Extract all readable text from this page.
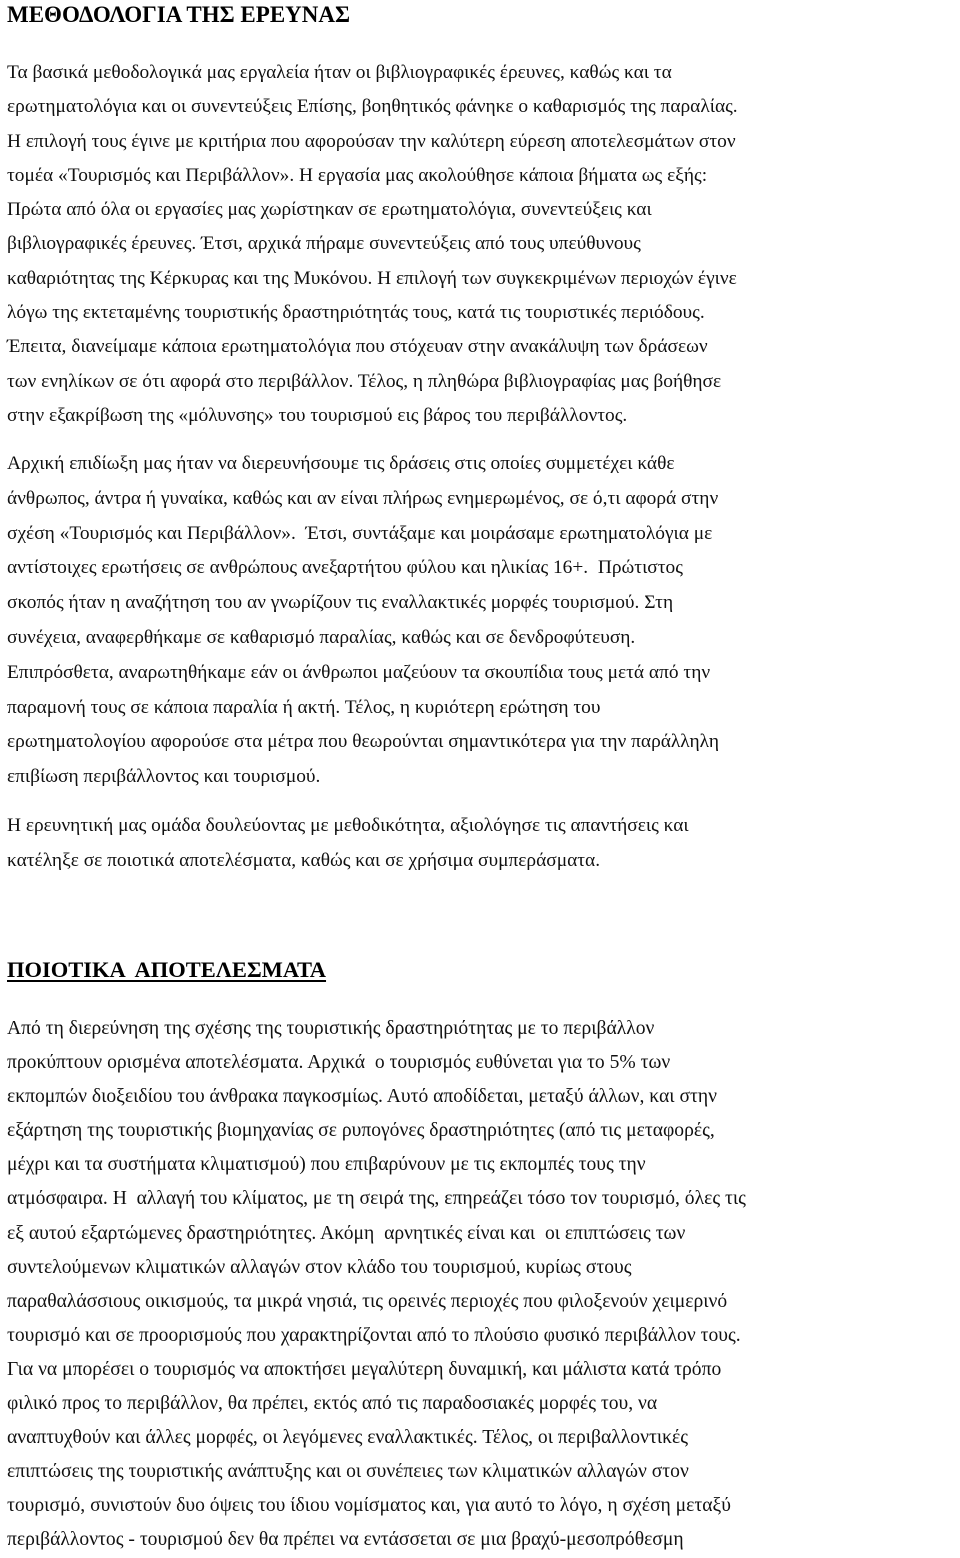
ΜΕΘΟΔΟΛΟΓΙΑ ΤΗΣ ΕΡΕΥΝΑΣ
Τα βασικά μεθοδολογικά μας εργαλεία ήταν οι βιβλιογραφικές έρευνες, καθώς και τα
ερωτηματολόγια και οι συνεντεύξεις Επίσης, βοηθητικός φάνηκε ο καθαρισμός της παραλίας.
Η επιλογή τους έγινε με κριτήρια που αφορούσαν την καλύτερη εύρεση αποτελεσμάτων στον
τομέα «Τουρισμός και Περιβάλλον». Η εργασία μας ακολούθησε κάποια βήματα ως εξής:
Πρώτα από όλα οι εργασίες μας χωρίστηκαν σε ερωτηματολόγια, συνεντεύξεις και
βιβλιογραφικές έρευνες. Έτσι, αρχικά πήραμε συνεντεύξεις από τους υπεύθυνους
καθαριότητας της Κέρκυρας και της Μυκόνου. Η επιλογή των συγκεκριμένων περιοχών έγινε
λόγω της εκτεταμένης τουριστικής δραστηριότητάς τους, κατά τις τουριστικές περιόδους.
Έπειτα, διανείμαμε κάποια ερωτηματολόγια που στόχευαν στην ανακάλυψη των δράσεων
των ενηλίκων σε ότι αφορά στο περιβάλλον. Τέλος, η πληθώρα βιβλιογραφίας μας βοήθησε
στην εξακρίβωση της «μόλυνσης» του τουρισμού εις βάρος του περιβάλλοντος.
Αρχική επιδίωξη μας ήταν να διερευνήσουμε τις δράσεις στις οποίες συμμετέχει κάθε
άνθρωπος, άντρα ή γυναίκα, καθώς και αν είναι πλήρως ενημερωμένος, σε ό,τι αφορά στην
σχέση «Τουρισμός και Περιβάλλον».  Έτσι, συντάξαμε και μοιράσαμε ερωτηματολόγια με
αντίστοιχες ερωτήσεις σε ανθρώπους ανεξαρτήτου φύλου και ηλικίας 16+.  Πρώτιστος
σκοπός ήταν η αναζήτηση του αν γνωρίζουν τις εναλλακτικές μορφές τουρισμού. Στη
συνέχεια, αναφερθήκαμε σε καθαρισμό παραλίας, καθώς και σε δενδροφύτευση.
Επιπρόσθετα, αναρωτηθήκαμε εάν οι άνθρωποι μαζεύουν τα σκουπίδια τους μετά από την
παραμονή τους σε κάποια παραλία ή ακτή. Τέλος, η κυριότερη ερώτηση του
ερωτηματολογίου αφορούσε στα μέτρα που θεωρούνται σημαντικότερα για την παράλληλη
επιβίωση περιβάλλοντος και τουρισμού.
Η ερευνητική μας ομάδα δουλεύοντας με μεθοδικότητα, αξιολόγησε τις απαντήσεις και
κατέληξε σε ποιοτικά αποτελέσματα, καθώς και σε χρήσιμα συμπεράσματα.
ΠΟΙΟΤΙΚΑ  ΑΠΟΤΕΛΕΣΜΑΤΑ
Από τη διερεύνηση της σχέσης της τουριστικής δραστηριότητας με το περιβάλλον
προκύπτουν ορισμένα αποτελέσματα. Αρχικά  ο τουρισμός ευθύνεται για το 5% των
εκπομπών διοξειδίου του άνθρακα παγκοσμίως. Αυτό αποδίδεται, μεταξύ άλλων, και στην
εξάρτηση της τουριστικής βιομηχανίας σε ρυπογόνες δραστηριότητες (από τις μεταφορές,
μέχρι και τα συστήματα κλιματισμού) που επιβαρύνουν με τις εκπομπές τους την
ατμόσφαιρα. Η  αλλαγή του κλίματος, με τη σειρά της, επηρεάζει τόσο τον τουρισμό, όλες τις
εξ αυτού εξαρτώμενες δραστηριότητες. Ακόμη  αρνητικές είναι και  οι επιπτώσεις των
συντελούμενων κλιματικών αλλαγών στον κλάδο του τουρισμού, κυρίως στους
παραθαλάσσιους οικισμούς, τα μικρά νησιά, τις ορεινές περιοχές που φιλοξενούν χειμερινό
τουρισμό και σε προορισμούς που χαρακτηρίζονται από το πλούσιο φυσικό περιβάλλον τους.
Για να μπορέσει ο τουρισμός να αποκτήσει μεγαλύτερη δυναμική, και μάλιστα κατά τρόπο
φιλικό προς το περιβάλλον, θα πρέπει, εκτός από τις παραδοσιακές μορφές του, να
αναπτυχθούν και άλλες μορφές, οι λεγόμενες εναλλακτικές. Τέλος, οι περιβαλλοντικές
επιπτώσεις της τουριστικής ανάπτυξης και οι συνέπειες των κλιματικών αλλαγών στον
τουρισμό, συνιστούν δυο όψεις του ίδιου νομίσματος και, για αυτό το λόγο, η σχέση μεταξύ
περιβάλλοντος - τουρισμού δεν θα πρέπει να εντάσσεται σε μια βραχύ-μεσοπρόθεσμη
